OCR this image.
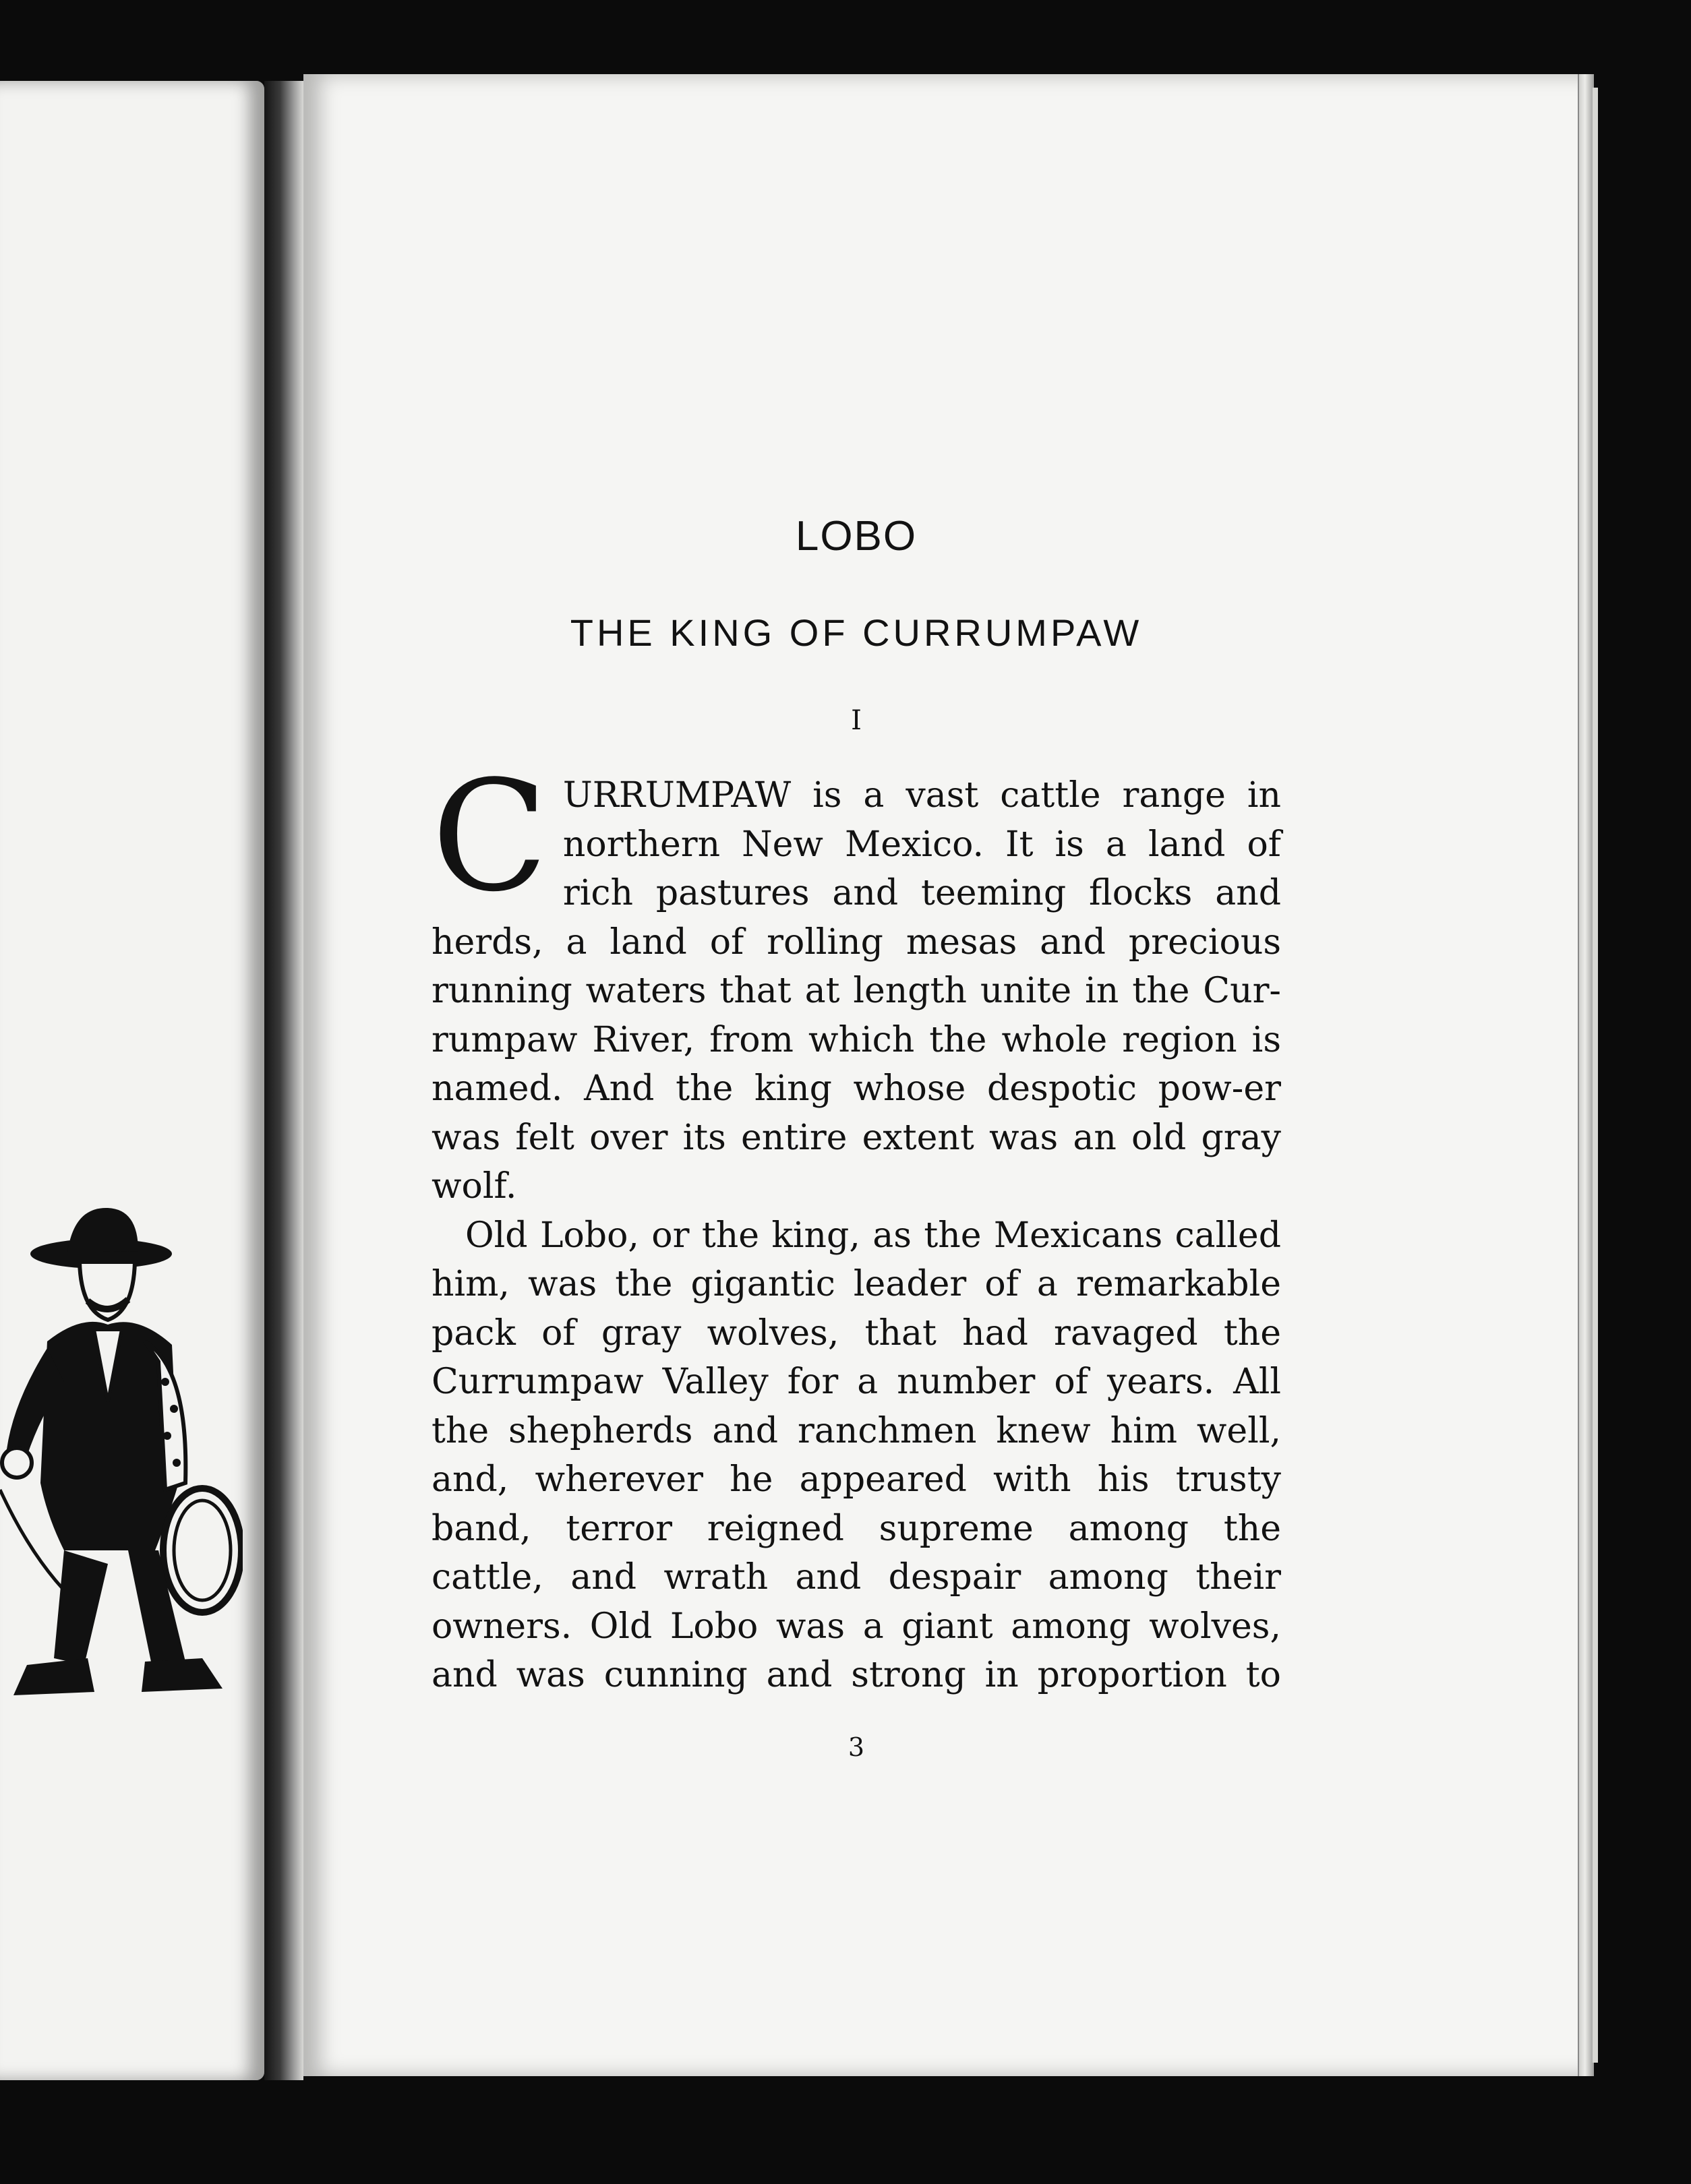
LOBO
THE KING OF CURRUMPAW
I

CURRUMPAW is a vast cattle range in northern New Mexico. It is a land of rich pastures and teeming flocks and herds, a land of rolling mesas and precious running waters that at length unite in the Cur-rumpaw River, from which the whole region is named. And the king whose despotic pow-er was felt over its entire extent was an old gray wolf.

Old Lobo, or the king, as the Mexicans called him, was the gigantic leader of a remarkable pack of gray wolves, that had ravaged the Currumpaw Valley for a number of years. All the shepherds and ranchmen knew him well, and, wherever he appeared with his trusty band, terror reigned supreme among the cattle, and wrath and despair among their owners. Old Lobo was a giant among wolves, and was cunning and strong in proportion to

3
